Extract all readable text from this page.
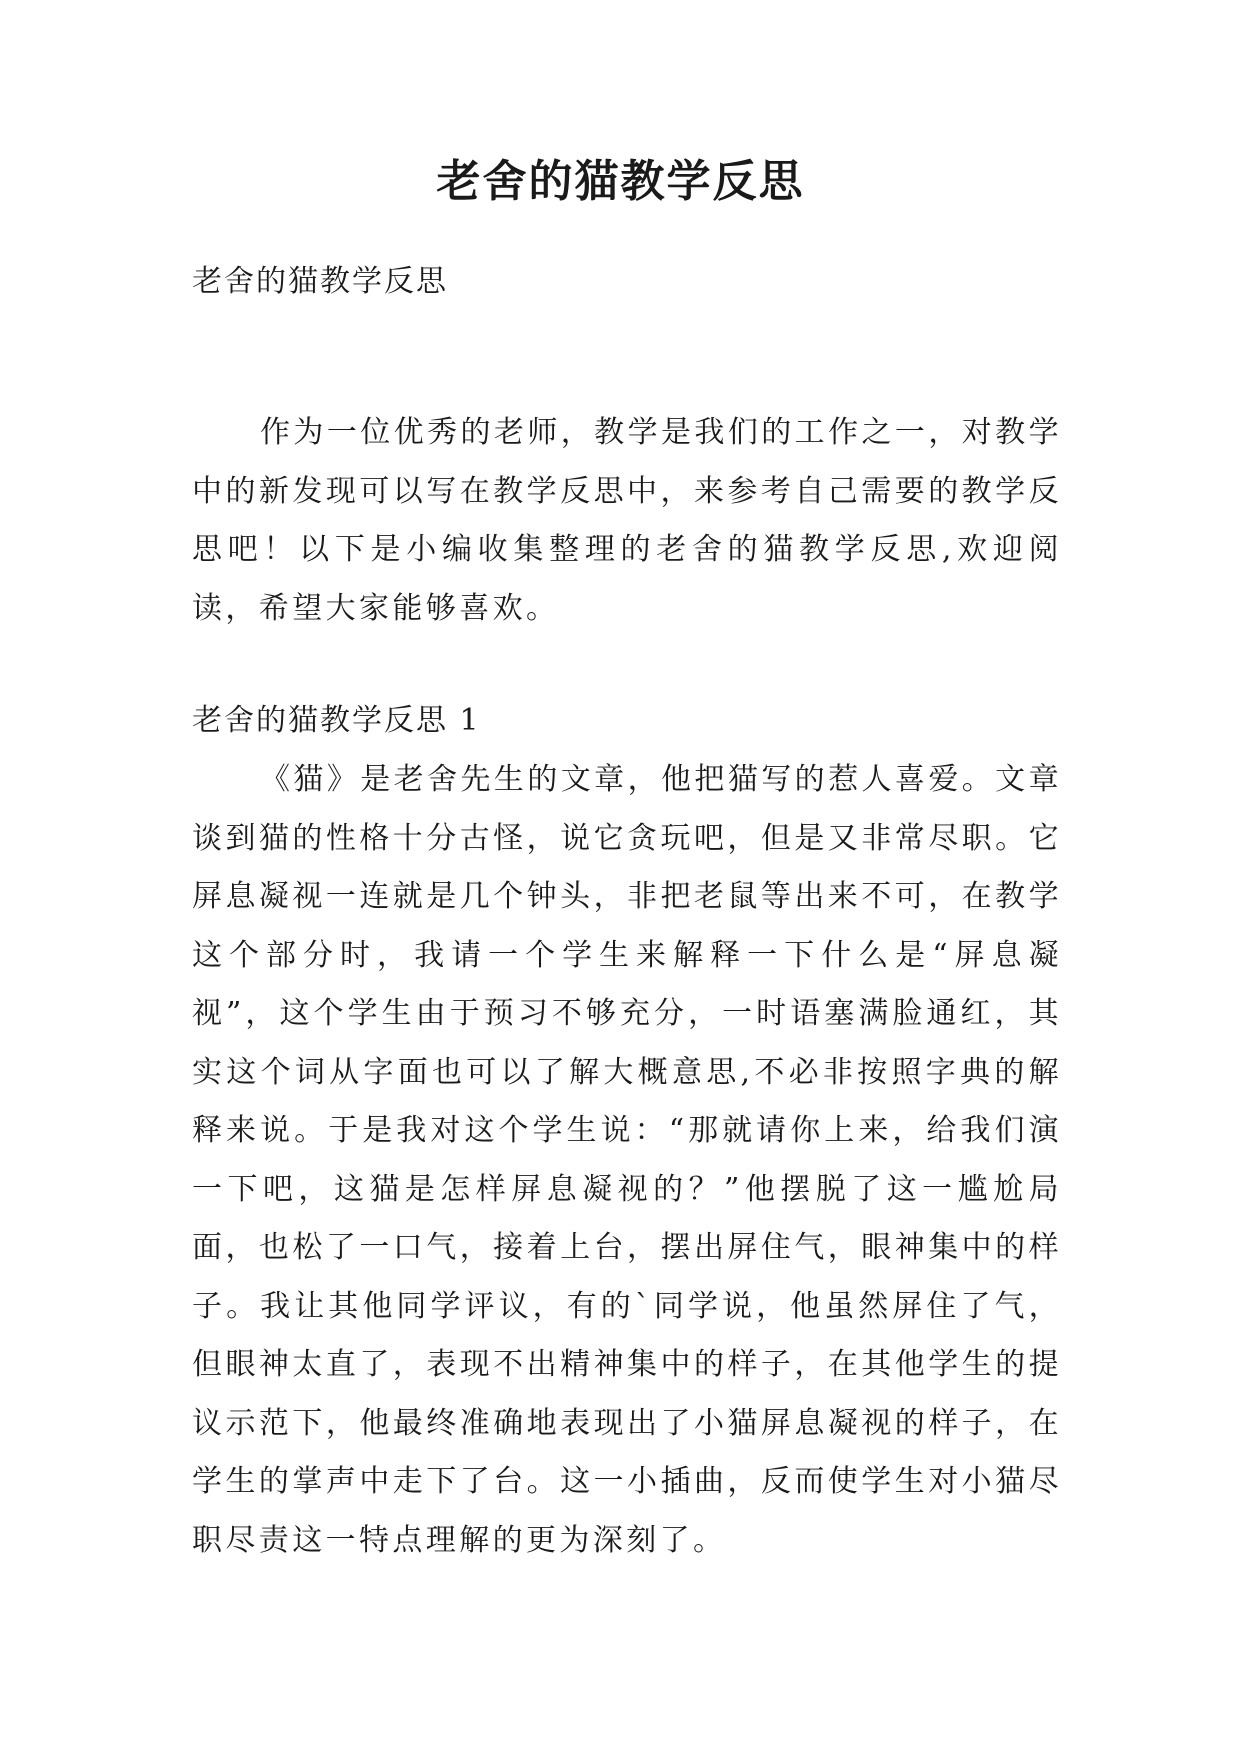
老舍的猫教学反思

老舍的猫教学反思

作为一位优秀的老师，教学是我们的工作之一，对教学中的新发现可以写在教学反思中，来参考自己需要的教学反思吧！以下是小编收集整理的老舍的猫教学反思,欢迎阅读，希望大家能够喜欢。

老舍的猫教学反思 1

《猫》是老舍先生的文章，他把猫写的惹人喜爱。文章谈到猫的性格十分古怪，说它贪玩吧，但是又非常尽职。它屏息凝视一连就是几个钟头，非把老鼠等出来不可，在教学这个部分时，我请一个学生来解释一下什么是“屏息凝视”，这个学生由于预习不够充分，一时语塞满脸通红，其实这个词从字面也可以了解大概意思,不必非按照字典的解释来说。于是我对这个学生说：“那就请你上来，给我们演一下吧，这猫是怎样屏息凝视的？”他摆脱了这一尴尬局面，也松了一口气，接着上台，摆出屏住气，眼神集中的样子。我让其他同学评议，有的`同学说，他虽然屏住了气，但眼神太直了，表现不出精神集中的样子，在其他学生的提议示范下，他最终准确地表现出了小猫屏息凝视的样子，在学生的掌声中走下了台。这一小插曲，反而使学生对小猫尽职尽责这一特点理解的更为深刻了。
